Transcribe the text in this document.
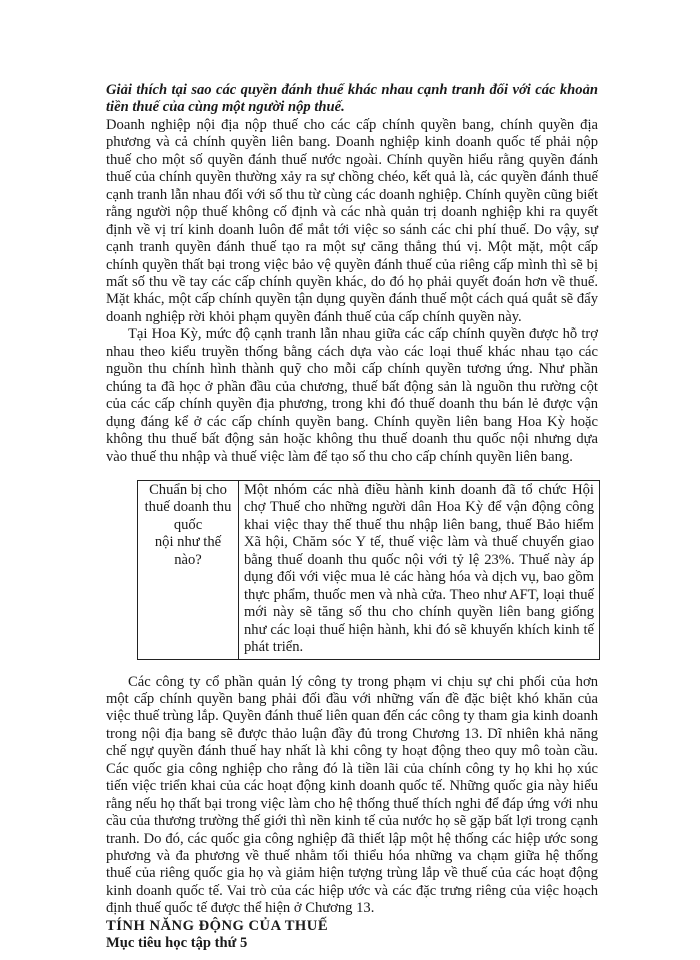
Giải thích tại sao các quyền đánh thuế khác nhau cạnh tranh đối với các khoản tiền thuế của cùng một người nộp thuế.

Doanh nghiệp nội địa nộp thuế cho các cấp chính quyền bang, chính quyền địa phương và cả chính quyền liên bang. Doanh nghiệp kinh doanh quốc tế phải nộp thuế cho một số quyền đánh thuế nước ngoài. Chính quyền hiểu rằng quyền đánh thuế của chính quyền thường xảy ra sự chồng chéo, kết quả là, các quyền đánh thuế cạnh tranh lẫn nhau đối với số thu từ cùng các doanh nghiệp. Chính quyền cũng biết rằng người nộp thuế không cố định và các nhà quản trị doanh nghiệp khi ra quyết định về vị trí kinh doanh luôn để mắt tới việc so sánh các chi phí thuế. Do vậy, sự cạnh tranh quyền đánh thuế tạo ra một sự căng thẳng thú vị. Một mặt, một cấp chính quyền thất bại trong việc bảo vệ quyền đánh thuế của riêng cấp mình thì sẽ bị mất số thu về tay các cấp chính quyền khác, do đó họ phải quyết đoán hơn về thuế. Mặt khác, một cấp chính quyền tận dụng quyền đánh thuế một cách quá quắt sẽ đẩy doanh nghiệp rời khỏi phạm quyền đánh thuế của cấp chính quyền này.

Tại Hoa Kỳ, mức độ cạnh tranh lẫn nhau giữa các cấp chính quyền được hỗ trợ nhau theo kiểu truyền thống bằng cách dựa vào các loại thuế khác nhau tạo các nguồn thu chính hình thành quỹ cho mỗi cấp chính quyền tương ứng. Như phần chúng ta đã học ở phần đầu của chương, thuế bất động sản là nguồn thu rường cột của các cấp chính quyền địa phương, trong khi đó thuế doanh thu bán lẻ được vận dụng đáng kể ở các cấp chính quyền bang. Chính quyền liên bang Hoa Kỳ hoặc không thu thuế bất động sản hoặc không thu thuế doanh thu quốc nội nhưng dựa vào thuế thu nhập và thuế việc làm để tạo số thu cho cấp chính quyền liên bang.

Chuẩn bị cho
thuế doanh thu
quốc
nội như thế
nào?
	Một nhóm các nhà điều hành kinh doanh đã tổ chức Hội chợ Thuế cho những người dân Hoa Kỳ để vận động công khai việc thay thế thuế thu nhập liên bang, thuế Bảo hiểm Xã hội, Chăm sóc Y tế, thuế việc làm và thuế chuyển giao bằng thuế doanh thu quốc nội với tỷ lệ 23%. Thuế này áp dụng đối với việc mua lẻ các hàng hóa và dịch vụ, bao gồm thực phẩm, thuốc men và nhà cửa. Theo như AFT, loại thuế mới này sẽ tăng số thu cho chính quyền liên bang giống như các loại thuế hiện hành, khi đó sẽ khuyến khích kinh tế phát triển.

Các công ty cổ phần quản lý công ty trong phạm vi chịu sự chi phối của hơn một cấp chính quyền bang phải đối đầu với những vấn đề đặc biệt khó khăn của việc thuế trùng lắp. Quyền đánh thuế liên quan đến các công ty tham gia kinh doanh trong nội địa bang sẽ được thảo luận đầy đủ trong Chương 13. Dĩ nhiên khả năng chế ngự quyền đánh thuế hay nhất là khi công ty hoạt động theo quy mô toàn cầu. Các quốc gia công nghiệp cho rằng đó là tiền lãi của chính công ty họ khi họ xúc tiến việc triển khai của các hoạt động kinh doanh quốc tế. Những quốc gia này hiểu rằng nếu họ thất bại trong việc làm cho hệ thống thuế thích nghi để đáp ứng với nhu cầu của thương trường thế giới thì nền kinh tế của nước họ sẽ gặp bất lợi trong cạnh tranh. Do đó, các quốc gia công nghiệp đã thiết lập một hệ thống các hiệp ước song phương và đa phương về thuế nhằm tối thiểu hóa những va chạm giữa hệ thống thuế của riêng quốc gia họ và giảm hiện tượng trùng lắp về thuế của các hoạt động kinh doanh quốc tế. Vai trò của các hiệp ước và các đặc trưng riêng của việc hoạch định thuế quốc tế được thể hiện ở Chương 13.

TÍNH NĂNG ĐỘNG CỦA THUẾ

Mục tiêu học tập thứ 5
